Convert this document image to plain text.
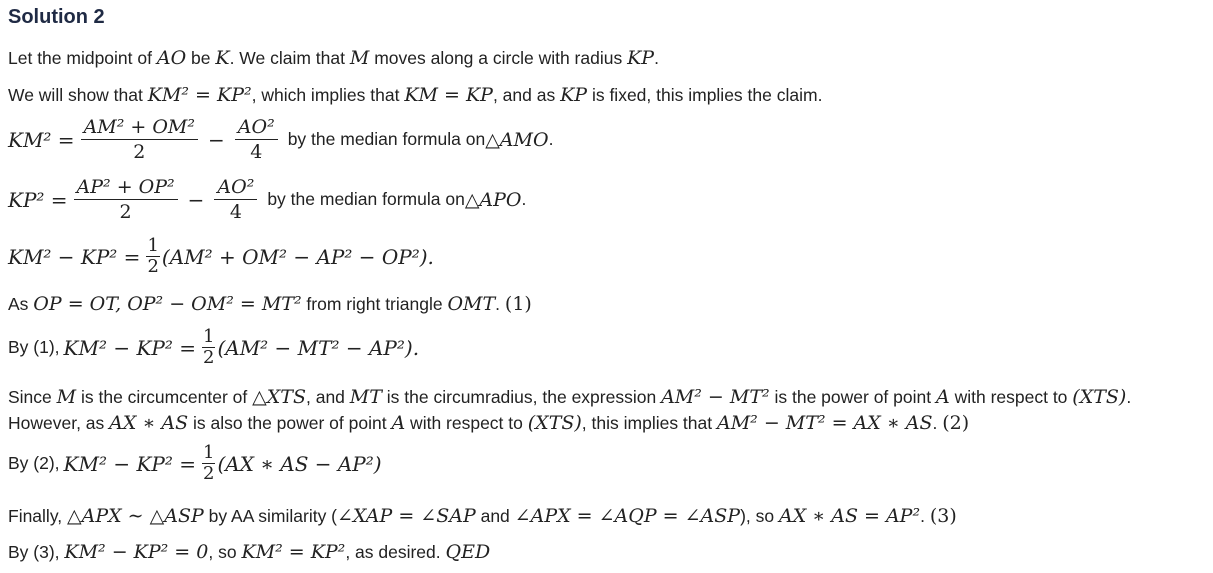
Solution 2
Let the midpoint of AO be K. We claim that M moves along a circle with radius KP.
We will show that KM² = KP², which implies that KM = KP, and as KP is fixed, this implies the claim.
$KM^2 = \frac{\text{AM² + OM²}}{2} - \frac{\text{AO²}}{4}$ by the median formula on △AMO .
$KP^2 = \frac{\text{AP² + OP²}}{2} - \frac{\text{AO²}}{4}$ by the median formula on △APO .
$KM^2 - KP^2 = \frac{1}{2} (AM^2 + OM^2 - AP^2 - OP^2)$.
As OP = OT, OP² − OM² = MT² from right triangle OMT. (1)
By (1), $KM^2 - KP^2 = \frac{1}{2} (AM^2 - MT^2 - AP^2)$.
Since M is the circumcenter of △XTS, and MT is the circumradius, the expression AM² − MT² is the power of point A with respect to (XTS). However, as AX ∗ AS is also the power of point A with respect to (XTS), this implies that AM² − MT² = AX ∗ AS. (2)
By (2), $KM^2 - KP^2 = \frac{1}{2} (AX$ ∗ AS − AP²)
Finally, △APX ∼ △ASP by AA similarity (∠XAP = ∠SAP and ∠APX = ∠AQP = ∠ASP), so AX ∗ AS = AP². (3)
By (3), KM² − KP² = 0, so KM² = KP², as desired. QED
